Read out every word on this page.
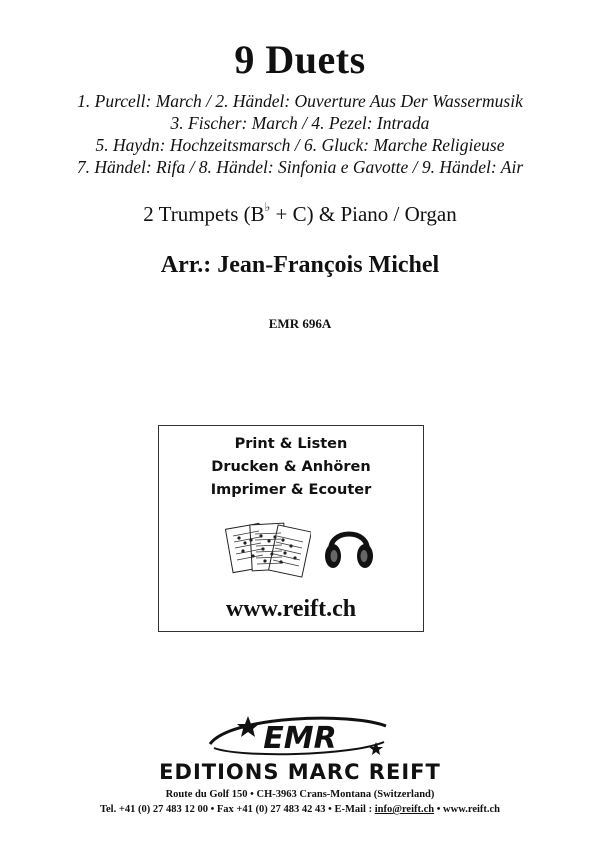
9 Duets
1. Purcell: March / 2. Händel: Ouverture Aus Der Wassermusik
3. Fischer: March / 4. Pezel: Intrada
5. Haydn: Hochzeitsmarsch / 6. Gluck: Marche Religieuse
7. Händel: Rifa / 8. Händel: Sinfonia e Gavotte / 9. Händel: Air
2 Trumpets (B♭ + C) & Piano / Organ
Arr.: Jean-François Michel
EMR 696A
Print & Listen
Drucken & Anhören
Imprimer & Ecouter
www.reift.ch
EMR
EDITIONS MARC REIFT
Route du Golf 150 • CH-3963 Crans-Montana (Switzerland)
Tel. +41 (0) 27 483 12 00 • Fax +41 (0) 27 483 42 43 • E-Mail : info@reift.ch • www.reift.ch
